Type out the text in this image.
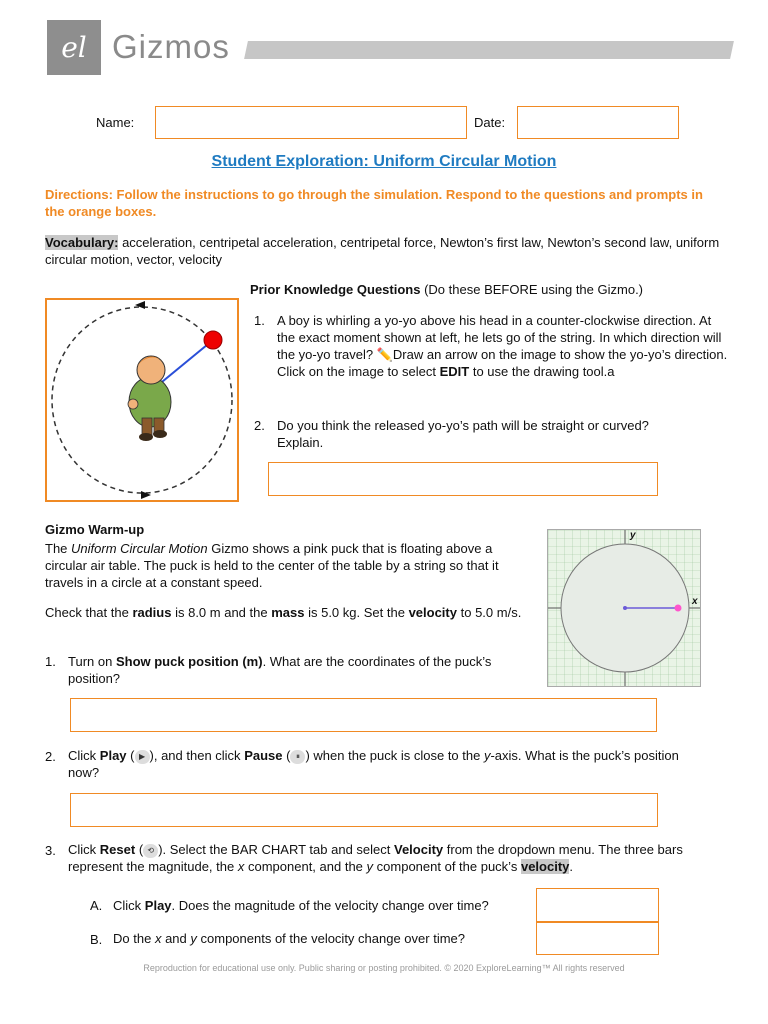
el Gizmos
Name:	Date:
Student Exploration: Uniform Circular Motion
Directions: Follow the instructions to go through the simulation. Respond to the questions and prompts in the orange boxes.
Vocabulary: acceleration, centripetal acceleration, centripetal force, Newton’s first law, Newton’s second law, uniform circular motion, vector, velocity
Prior Knowledge Questions (Do these BEFORE using the Gizmo.)
1. A boy is whirling a yo-yo above his head in a counter-clockwise direction. At the exact moment shown at left, he lets go of the string. In which direction will the yo-yo travel? ✏️Draw an arrow on the image to show the yo-yo’s direction. Click on the image to select EDIT to use the drawing tool.a
2. Do you think the released yo-yo’s path will be straight or curved? Explain.
Gizmo Warm-up
The Uniform Circular Motion Gizmo shows a pink puck that is floating above a circular air table. The puck is held to the center of the table by a string so that it travels in a circle at a constant speed.
Check that the radius is 8.0 m and the mass is 5.0 kg. Set the velocity to 5.0 m/s.
y
x
1. Turn on Show puck position (m). What are the coordinates of the puck’s position?
2. Click Play ( ▶ ), and then click Pause ( ⏸ ) when the puck is close to the y-axis. What is the puck’s position now?
3. Click Reset ( ⟲ ). Select the BAR CHART tab and select Velocity from the dropdown menu. The three bars represent the magnitude, the x component, and the y component of the puck’s velocity.
A. Click Play. Does the magnitude of the velocity change over time?
B. Do the x and y components of the velocity change over time?
Reproduction for educational use only. Public sharing or posting prohibited. © 2020 ExploreLearning™ All rights reserved
